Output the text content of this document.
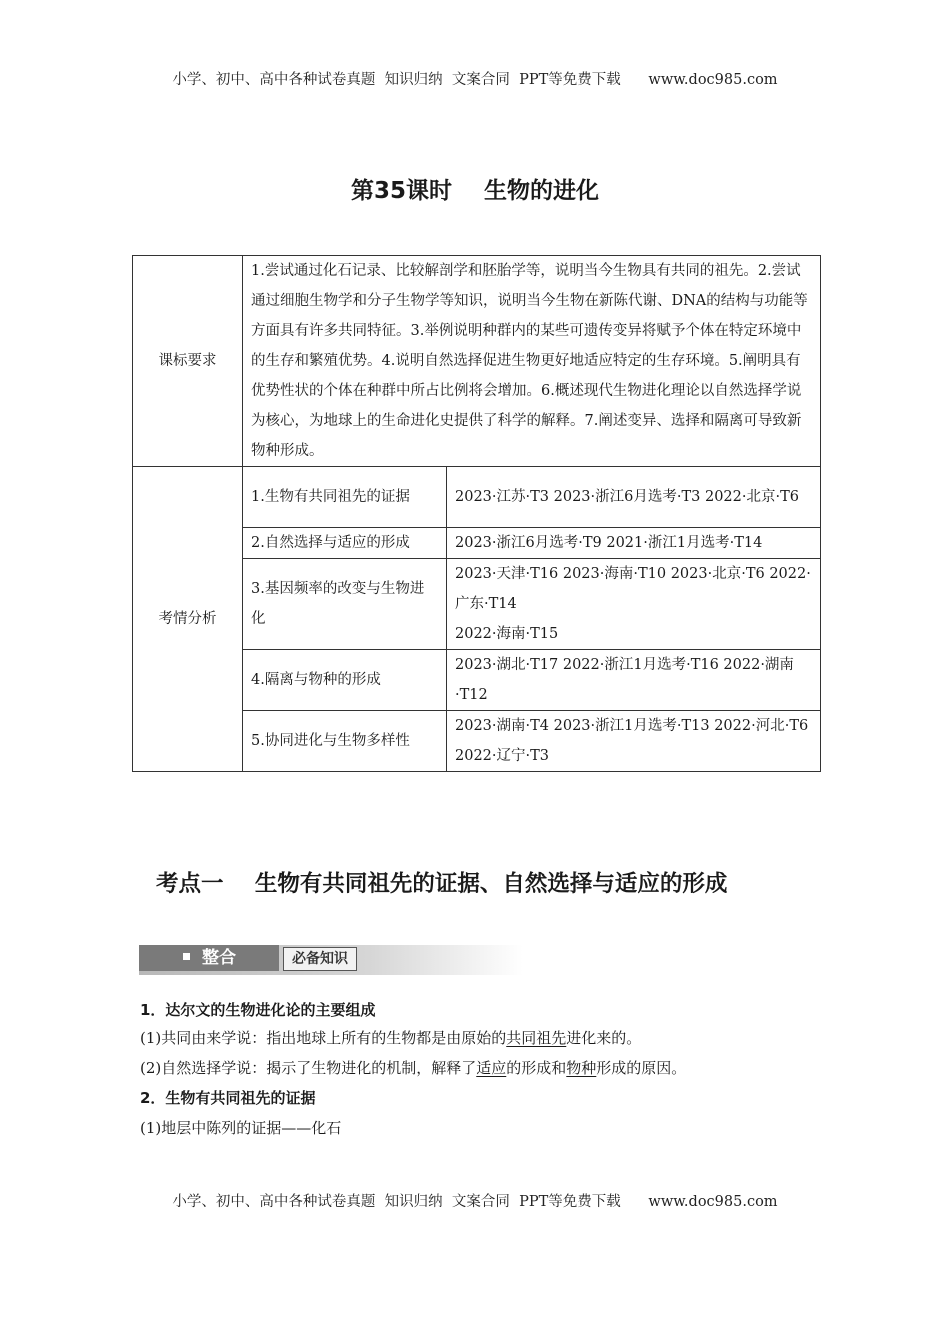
小学、初中、高中各种试卷真题  知识归纳  文案合同  PPT等免费下载      www.doc985.com
第35课时    生物的进化
课标要求	1.尝试通过化石记录、比较解剖学和胚胎学等，说明当今生物具有共同的祖先。2.尝试通过细胞生物学和分子生物学等知识，说明当今生物在新陈代谢、DNA的结构与功能等方面具有许多共同特征。3.举例说明种群内的某些可遗传变异将赋予个体在特定环境中的生存和繁殖优势。4.说明自然选择促进生物更好地适应特定的生存环境。5.阐明具有优势性状的个体在种群中所占比例将会增加。6.概述现代生物进化理论以自然选择学说为核心，为地球上的生命进化史提供了科学的解释。7.阐述变异、选择和隔离可导致新物种形成。	
考情分析	1.生物有共同祖先的证据	2023·江苏·T3 2023·浙江6月选考·T3 2022·北京·T6
	2.自然选择与适应的形成	2023·浙江6月选考·T9 2021·浙江1月选考·T14
	3.基因频率的改变与生物进化	2023·天津·T16 2023·海南·T10 2023·北京·T6 2022·广东·T14
2022·海南·T15

	4.隔离与物种的形成	2023·湖北·T17 2022·浙江1月选考·T16 2022·湖南·T12
	5.协同进化与生物多样性	2023·湖南·T4 2023·浙江1月选考·T13 2022·河北·T6 2022·辽宁·T3
考点一    生物有共同祖先的证据、自然选择与适应的形成
整合	必备知识
1．达尔文的生物进化论的主要组成
(1)共同由来学说：指出地球上所有的生物都是由原始的共同祖先进化来的。
(2)自然选择学说：揭示了生物进化的机制，解释了适应的形成和物种形成的原因。
2．生物有共同祖先的证据
(1)地层中陈列的证据——化石
小学、初中、高中各种试卷真题  知识归纳  文案合同  PPT等免费下载      www.doc985.com
